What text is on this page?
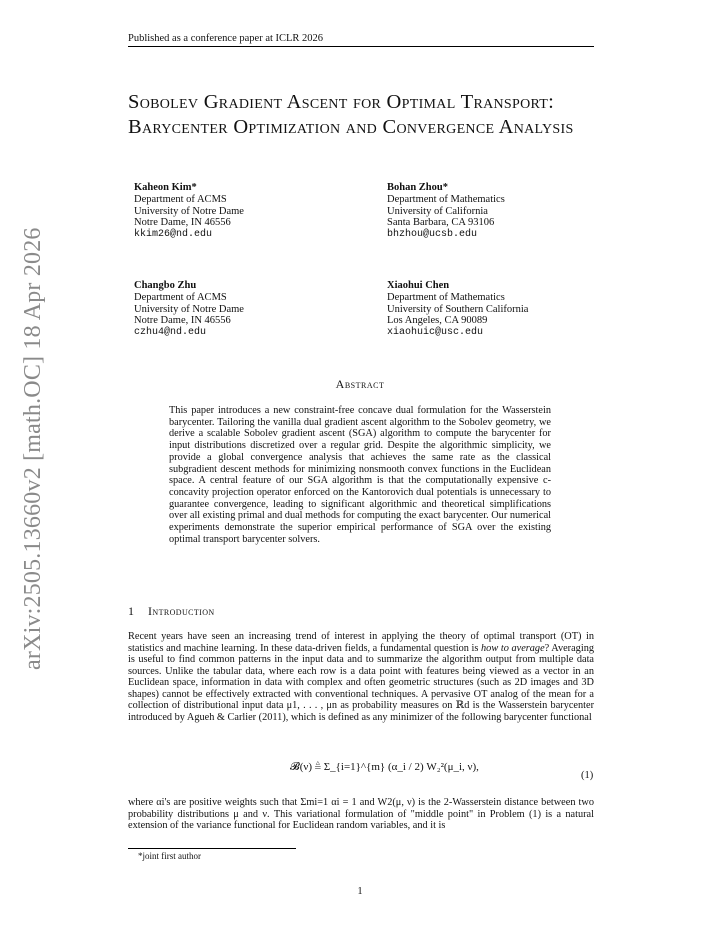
Published as a conference paper at ICLR 2026
Sobolev Gradient Ascent for Optimal Transport: Barycenter Optimization and Convergence Analysis
Kaheon Kim*
Department of ACMS
University of Notre Dame
Notre Dame, IN 46556
kkim26@nd.edu
Bohan Zhou*
Department of Mathematics
University of California
Santa Barbara, CA 93106
bhzhou@ucsb.edu
Changbo Zhu
Department of ACMS
University of Notre Dame
Notre Dame, IN 46556
czhu4@nd.edu
Xiaohui Chen
Department of Mathematics
University of Southern California
Los Angeles, CA 90089
xiaohuic@usc.edu
Abstract
This paper introduces a new constraint-free concave dual formulation for the Wasserstein barycenter. Tailoring the vanilla dual gradient ascent algorithm to the Sobolev geometry, we derive a scalable Sobolev gradient ascent (SGA) algorithm to compute the barycenter for input distributions discretized over a regular grid. Despite the algorithmic simplicity, we provide a global convergence analysis that achieves the same rate as the classical subgradient descent methods for minimizing nonsmooth convex functions in the Euclidean space. A central feature of our SGA algorithm is that the computationally expensive c-concavity projection operator enforced on the Kantorovich dual potentials is unnecessary to guarantee convergence, leading to significant algorithmic and theoretical simplifications over all existing primal and dual methods for computing the exact barycenter. Our numerical experiments demonstrate the superior empirical performance of SGA over the existing optimal transport barycenter solvers.
arXiv:2505.13660v2 [math.OC] 18 Apr 2026	1 Introduction
Recent years have seen an increasing trend of interest in applying the theory of optimal transport (OT) in statistics and machine learning. In these data-driven fields, a fundamental question is how to average? Averaging is useful to find common patterns in the input data and to summarize the algorithm output from multiple data sources. Unlike the tabular data, where each row is a data point with features being viewed as a vector in an Euclidean space, information in data with complex and often geometric structures (such as 2D images and 3D shapes) cannot be effectively extracted with conventional techniques. A pervasive OT analog of the mean for a collection of distributional input data μ1, . . . , μn as probability measures on ℝd is the Wasserstein barycenter introduced by Agueh & Carlier (2011), which is defined as any minimizer of the following barycenter functional
𝓑(ν) ≜ Σ_{i=1}^{m} (α_i / 2) W₂²(μ_i, ν),
(1)
where αi's are positive weights such that Σmi=1 αi = 1 and W2(μ, ν) is the 2-Wasserstein distance between two probability distributions μ and ν. This variational formulation of "middle point" in Problem (1) is a natural extension of the variance functional for Euclidean random variables, and it is
*joint first author
1
